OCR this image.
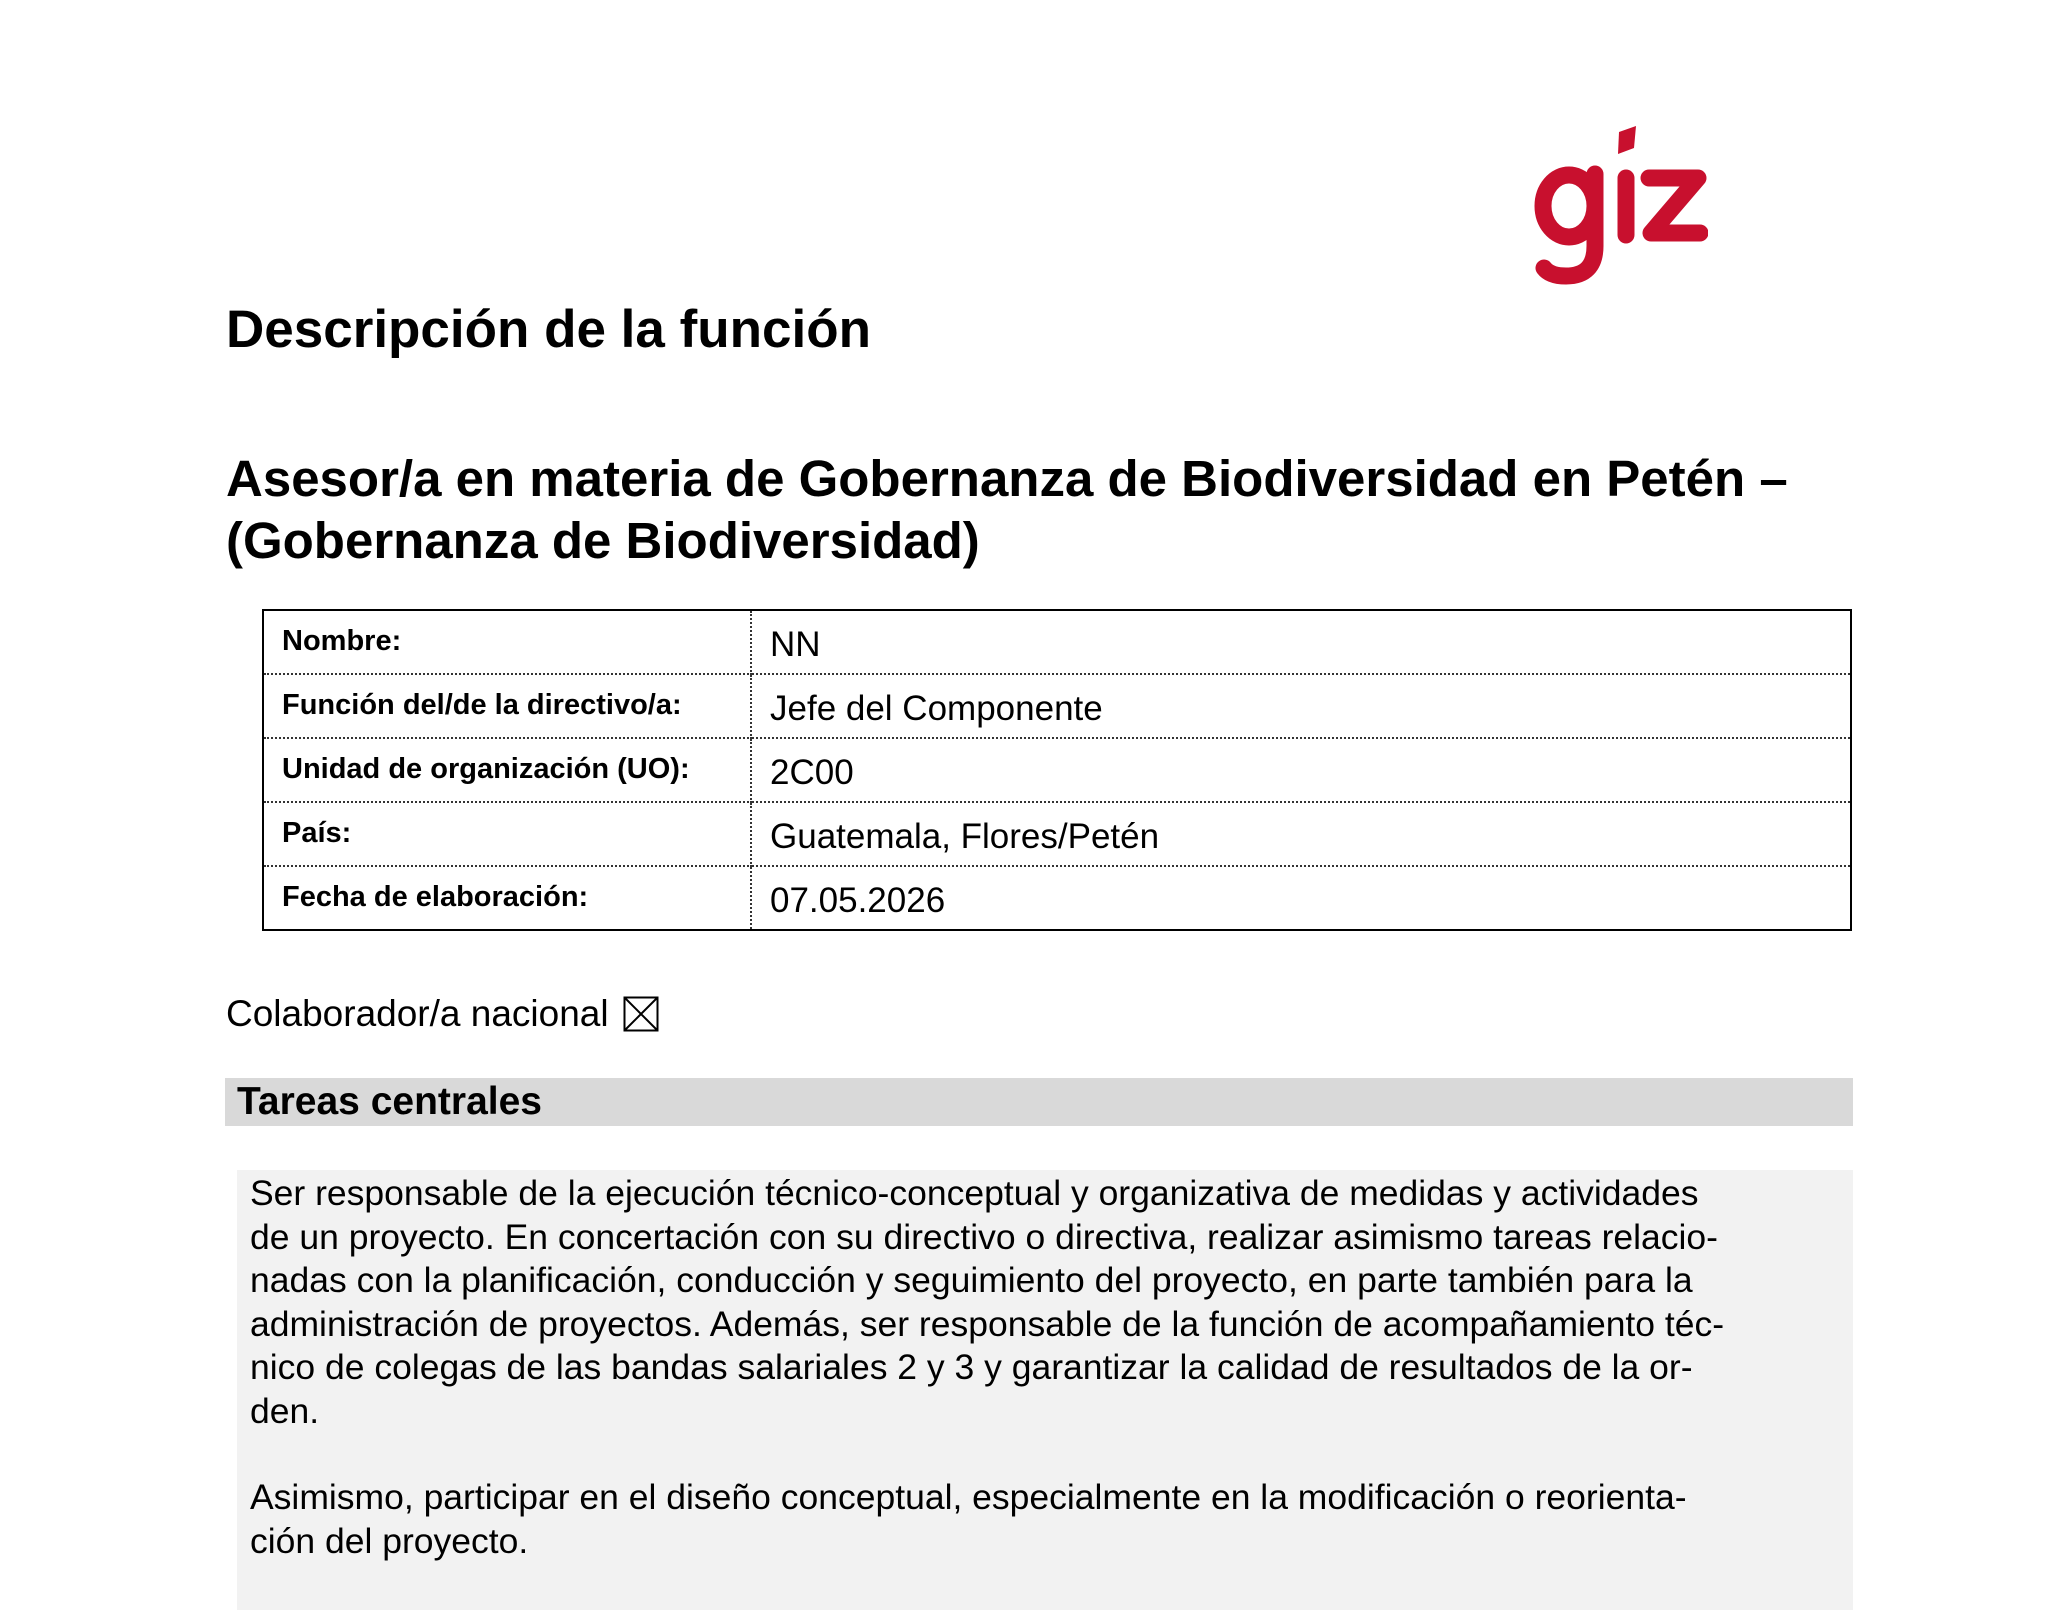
Descripción de la función
Asesor/a en materia de Gobernanza de Biodiversidad en Petén –
(Gobernanza de Biodiversidad)
Nombre:	NN
Función del/de la directivo/a:	Jefe del Componente
Unidad de organización (UO):	2C00
País:	Guatemala, Flores/Petén
Fecha de elaboración:	07.05.2026
Colaborador/a nacional
Tareas centrales

Ser responsable de la ejecución técnico-conceptual y organizativa de medidas y actividades
de un proyecto. En concertación con su directivo o directiva, realizar asimismo tareas relacio-
nadas con la planificación, conducción y seguimiento del proyecto, en parte también para la
administración de proyectos. Además, ser responsable de la función de acompañamiento téc-
nico de colegas de las bandas salariales 2 y 3 y garantizar la calidad de resultados de la or-
den.

Asimismo, participar en el diseño conceptual, especialmente en la modificación o reorienta-
ción del proyecto.
